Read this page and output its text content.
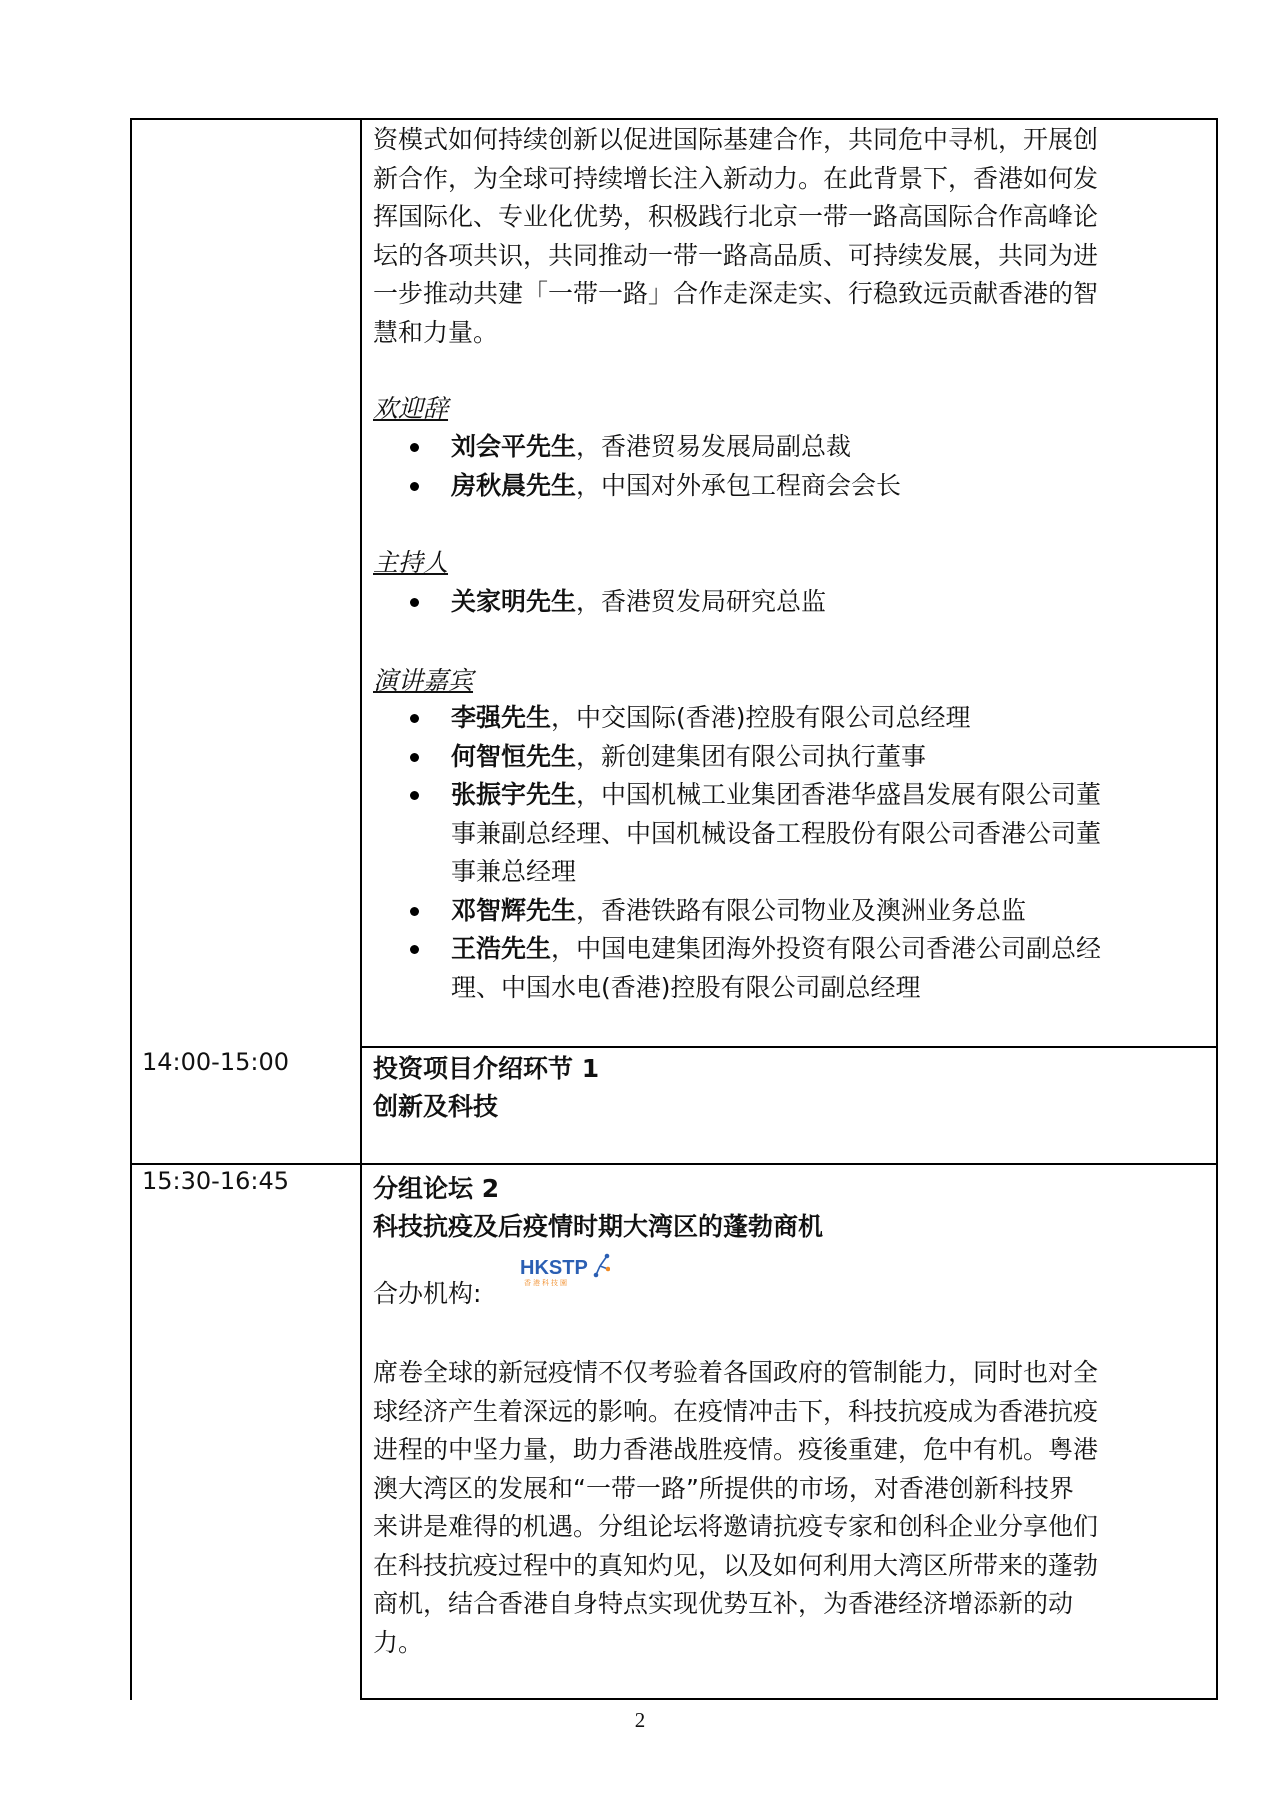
资模式如何持续创新以促进国际基建合作，共同危中寻机，开展创
新合作，为全球可持续增长注入新动力。在此背景下，香港如何发
挥国际化、专业化优势，积极践行北京一带一路高国际合作高峰论
坛的各项共识，共同推动一带一路高品质、可持续发展，共同为进
一步推动共建「一带一路」合作走深走实、行稳致远贡献香港的智
慧和力量。
欢迎辞
刘会平先生，香港贸易发展局副总裁
房秋晨先生，中国对外承包工程商会会长
主持人
关家明先生，香港贸发局研究总监
演讲嘉宾
李强先生，中交国际(香港)控股有限公司总经理
何智恒先生，新创建集团有限公司执行董事
张振宇先生，中国机械工业集团香港华盛昌发展有限公司董
事兼副总经理、中国机械设备工程股份有限公司香港公司董
事兼总经理
邓智辉先生，香港铁路有限公司物业及澳洲业务总监
王浩先生，中国电建集团海外投资有限公司香港公司副总经
理、中国水电(香港)控股有限公司副总经理
14:00-15:00	投资项目介绍环节 1
创新及科技
15:30-16:45	分组论坛 2
科技抗疫及后疫情时期大湾区的蓬勃商机
合办机构:
HKSTP
香港科技園
席卷全球的新冠疫情不仅考验着各国政府的管制能力，同时也对全
球经济产生着深远的影响。在疫情冲击下，科技抗疫成为香港抗疫
进程的中坚力量，助力香港战胜疫情。疫後重建，危中有机。粤港
澳大湾区的发展和“一带一路”所提供的市场，对香港创新科技界
来讲是难得的机遇。分组论坛将邀请抗疫专家和创科企业分享他们
在科技抗疫过程中的真知灼见，以及如何利用大湾区所带来的蓬勃
商机，结合香港自身特点实现优势互补，为香港经济增添新的动
力。
2
